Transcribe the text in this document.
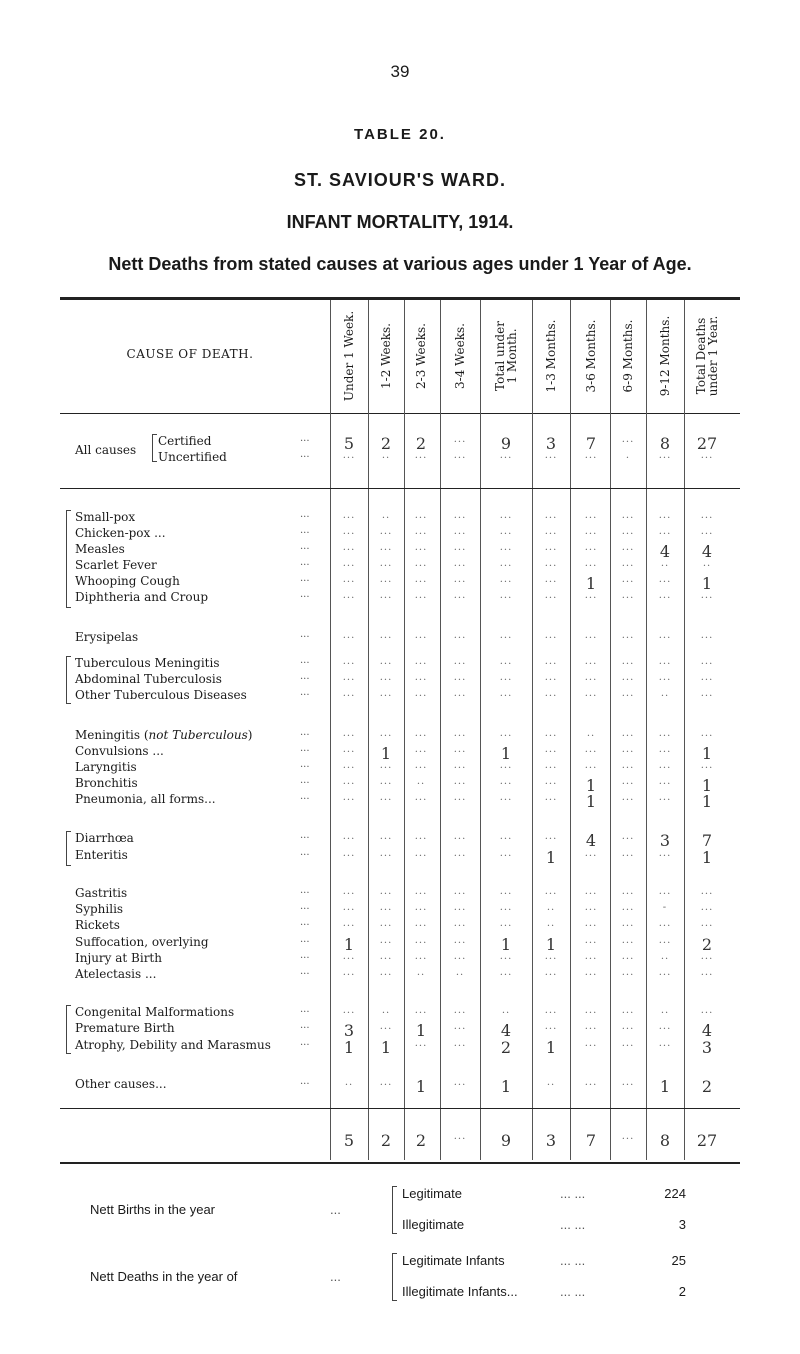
39
TABLE 20.
ST. SAVIOUR'S WARD.
INFANT MORTALITY, 1914.
Nett Deaths from stated causes at various ages under 1 Year of Age.
CAUSE OF DEATH.	Under 1 Week. 1-2 Weeks. 2-3 Weeks. 3-4 Weeks. Total under
1 Month. 1-3 Months. 3-6 Months. 6-9 Months. 9-12 Months. Total Deaths
under 1 Year.
All causes
Certified	...	5	2	2	...	9	3	7	...	8	27
Uncertified	...	...	..	...	...	...	...	...	.	...	...
Small-pox	...	...	..	...	...	...	...	...	...	...	...
Chicken-pox ...	...	...	...	...	...	...	...	...	...	...	...
Measles	...	...	...	...	...	...	...	...	...	4	4
Scarlet Fever	...	...	...	...	...	...	...	...	...	..	..
Whooping Cough	...	...	...	...	...	...	...	1	...	...	1
Diphtheria and Croup	...	...	...	...	...	...	...	...	...	...	...
Erysipelas	...	...	...	...	...	...	...	...	...	...	...
Tuberculous Meningitis	...	...	...	...	...	...	...	...	...	...	...
Abdominal Tuberculosis	...	...	...	...	...	...	...	...	...	...	...
Other Tuberculous Diseases	...	...	...	...	...	...	...	...	...	..	...
Meningitis (not Tuberculous)	...	...	...	...	...	...	...	..	...	...	...
Convulsions ...	...	...	1	...	...	1	...	...	...	...	1
Laryngitis	...	...	...	...	...	...	...	...	...	...	...
Bronchitis	...	...	...	..	...	...	...	1	...	...	1
Pneumonia, all forms...	...	...	...	...	...	...	...	1	...	...	1
Diarrhœa	...	...	...	...	...	...	...	4	...	3	7
Enteritis	...	...	...	...	...	...	1	...	...	...	1
Gastritis	...	...	...	...	...	...	...	...	...	...	...
Syphilis	...	...	...	...	...	...	..	...	...	-	...
Rickets	...	...	...	...	...	...	..	...	...	...	...
Suffocation, overlying	...	1	...	...	...	1	1	...	...	...	2
Injury at Birth	...	...	...	...	...	...	...	...	...	..	...
Atelectasis ...	...	...	...	..	..	...	...	...	...	...	...
Congenital Malformations	...	...	..	...	...	..	...	...	...	..	...
Premature Birth	...	3	...	1	...	4	...	...	...	...	4
Atrophy, Debility and Marasmus	...	1	1	...	...	2	1	...	...	...	3
Other causes...	...	..	...	1	...	1	..	...	...	1	2
5	2	2	...	9	3	7	...	8	27
Nett Births in the year	...
Legitimate	... ...	224
Illegitimate	... ...	3
Nett Deaths in the year of	...
Legitimate Infants	... ...	25
Illegitimate Infants...	... ...	2
